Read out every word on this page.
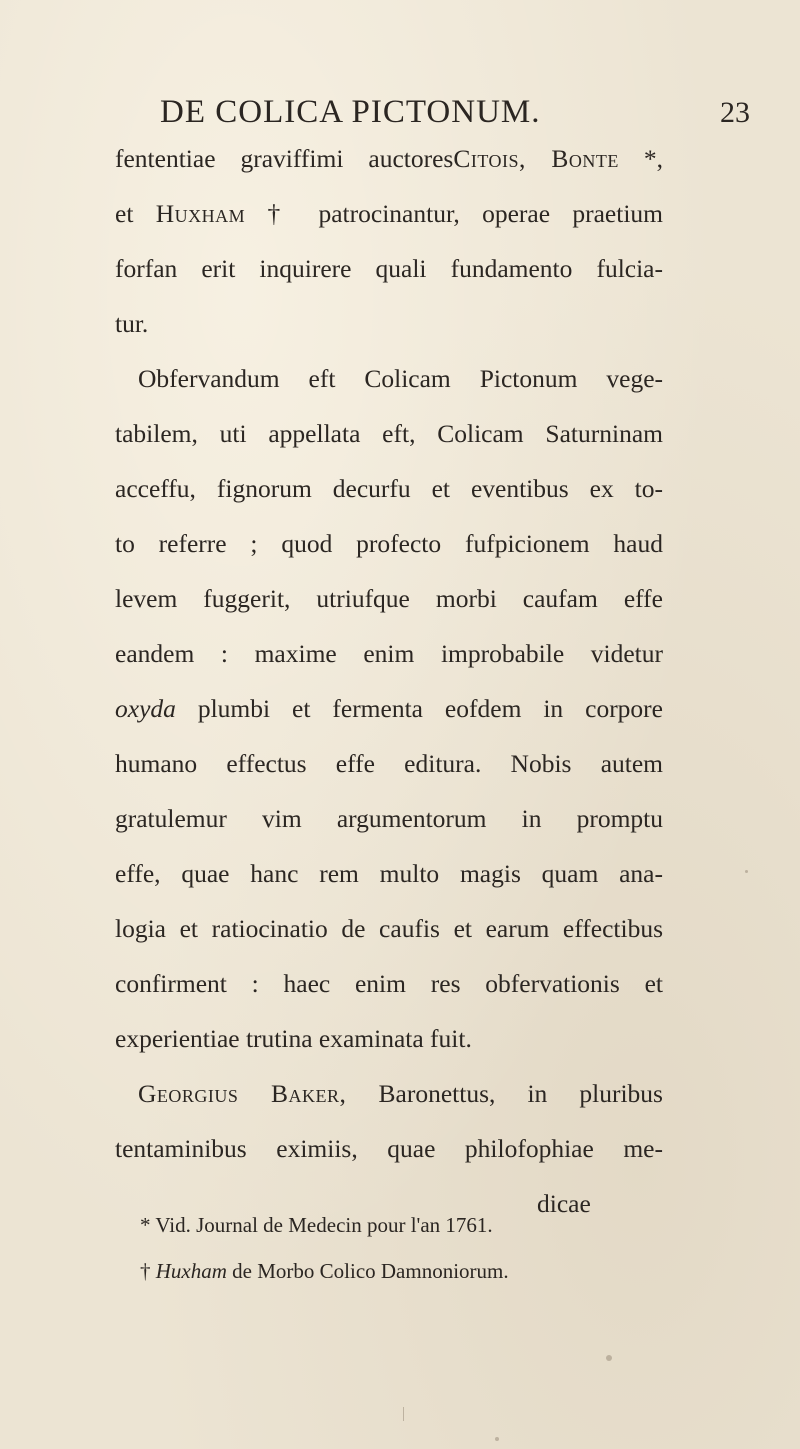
DE COLICA PICTONUM.	23
fententiae graviffimi auctoresCitois, Bonte *,
et Huxham † patrocinantur, operae praetium
forfan erit inquirere quali fundamento fulcia-
tur.
Obfervandum eft Colicam Pictonum vege-
tabilem, uti appellata eft, Colicam Saturninam
acceffu, fignorum decurfu et eventibus ex to-
to referre ; quod profecto fufpicionem haud
levem fuggerit, utriufque morbi caufam effe
eandem : maxime enim improbabile videtur
oxyda plumbi et fermenta eofdem in corpore
humano effectus effe editura. Nobis autem
gratulemur vim argumentorum in promptu
effe, quae hanc rem multo magis quam ana-
logia et ratiocinatio de caufis et earum effectibus
confirment : haec enim res obfervationis et
experientiae trutina examinata fuit.
Georgius Baker, Baronettus, in pluribus
tentaminibus eximiis, quae philofophiae me-
dicae
* Vid. Journal de Medecin pour l'an 1761.
† Huxham de Morbo Colico Damnoniorum.
